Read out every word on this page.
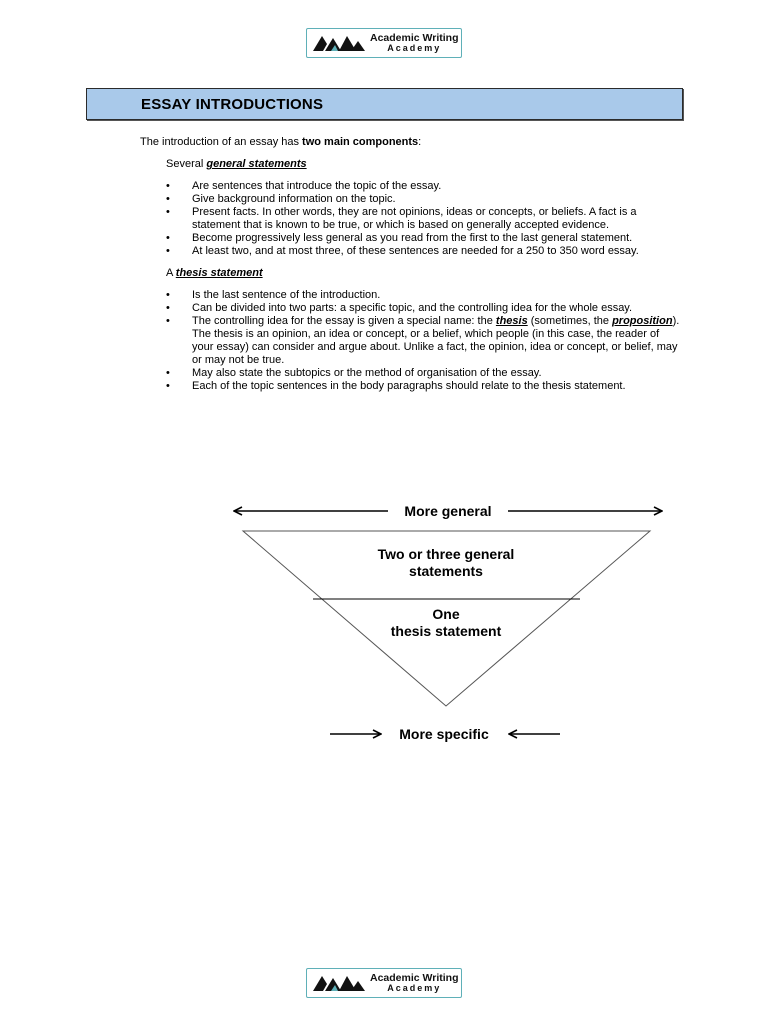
Academic Writing
Academy
ESSAY INTRODUCTIONS

The introduction of an essay has two main components:

Several general statements

• Are sentences that introduce the topic of the essay.
• Give background information on the topic.
• Present facts. In other words, they are not opinions, ideas or concepts, or beliefs. A fact is a statement that is known to be true, or which is based on generally accepted evidence.
• Become progressively less general as you read from the first to the last general statement.
• At least two, and at most three, of these sentences are needed for a 250 to 350 word essay.

A thesis statement

• Is the last sentence of the introduction.
• Can be divided into two parts: a specific topic, and the controlling idea for the whole essay.
• The controlling idea for the essay is given a special name: the thesis (sometimes, the proposition). The thesis is an opinion, an idea or concept, or a belief, which people (in this case, the reader of your essay) can consider and argue about. Unlike a fact, the opinion, idea or concept, or belief, may or may not be true.
• May also state the subtopics or the method of organisation of the essay.
• Each of the topic sentences in the body paragraphs should relate to the thesis statement.
More general
Two or three general
statements
One
thesis statement
More specific
Academic Writing
Academy
